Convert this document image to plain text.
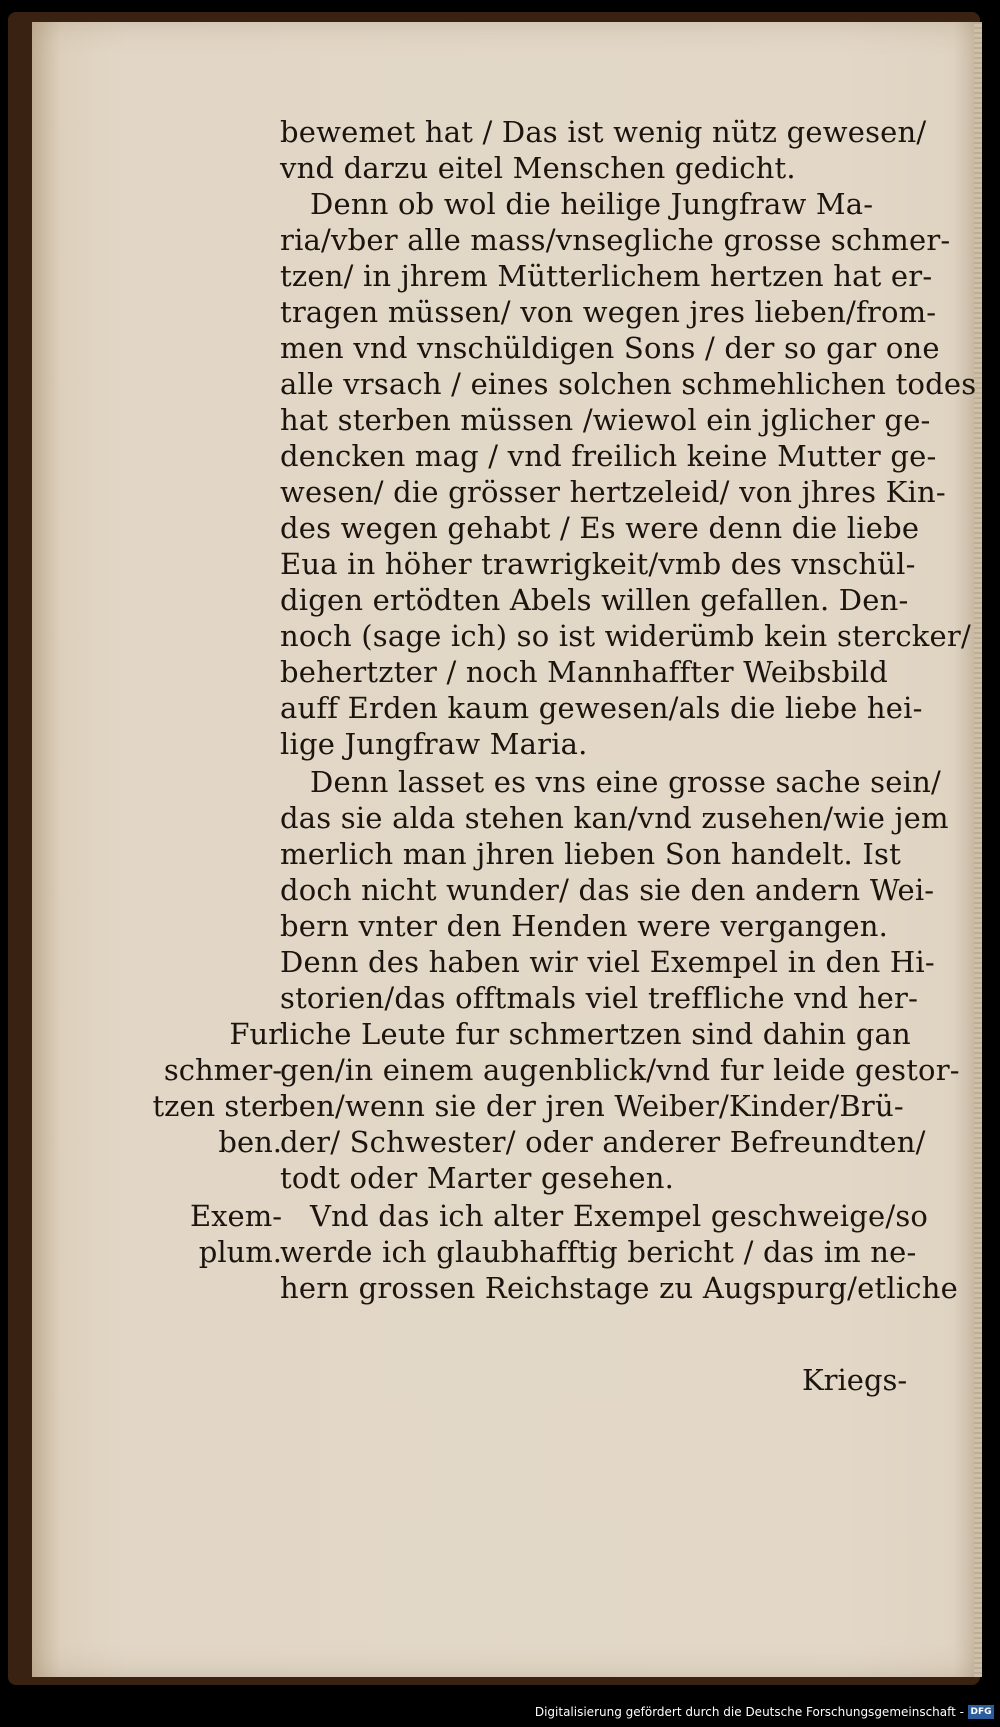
bewemet hat / Das ist wenig nütz gewesen/
vnd darzu eitel Menschen gedicht.
Denn ob wol die heilige Jungfraw Ma-
ria/vber alle mass/vnsegliche grosse schmer-
tzen/ in jhrem Mütterlichem hertzen hat er-
tragen müssen/ von wegen jres lieben/from-
men vnd vnschüldigen Sons / der so gar one
alle vrsach / eines solchen schmehlichen todes
hat sterben müssen /wiewol ein jglicher ge-
dencken mag / vnd freilich keine Mutter ge-
wesen/ die grösser hertzeleid/ von jhres Kin-
des wegen gehabt / Es were denn die liebe
Eua in höher trawrigkeit/vmb des vnschül-
digen ertödten Abels willen gefallen. Den-
noch (sage ich) so ist widerümb kein stercker/
behertzter / noch Mannhaffter Weibsbild
auff Erden kaum gewesen/als die liebe hei-
lige Jungfraw Maria.
Denn lasset es vns eine grosse sache sein/
das sie alda stehen kan/vnd zusehen/wie jem
merlich man jhren lieben Son handelt. Ist
doch nicht wunder/ das sie den andern Wei-
bern vnter den Henden were vergangen.
Denn des haben wir viel Exempel in den Hi-
storien/das offtmals viel treffliche vnd her-
liche Leute fur schmertzen sind dahin gan
gen/in einem augenblick/vnd fur leide gestor-
ben/wenn sie der jren Weiber/Kinder/Brü-
der/ Schwester/ oder anderer Befreundten/
todt oder Marter gesehen.
Vnd das ich alter Exempel geschweige/so
werde ich glaubhafftig bericht / das im ne-
hern grossen Reichstage zu Augspurg/etliche
Kriegs-
Fur
schmer-
tzen ster
ben.
Exem-
plum.
Digitalisierung gefördert durch die Deutsche Forschungsgemeinschaft - DFG
